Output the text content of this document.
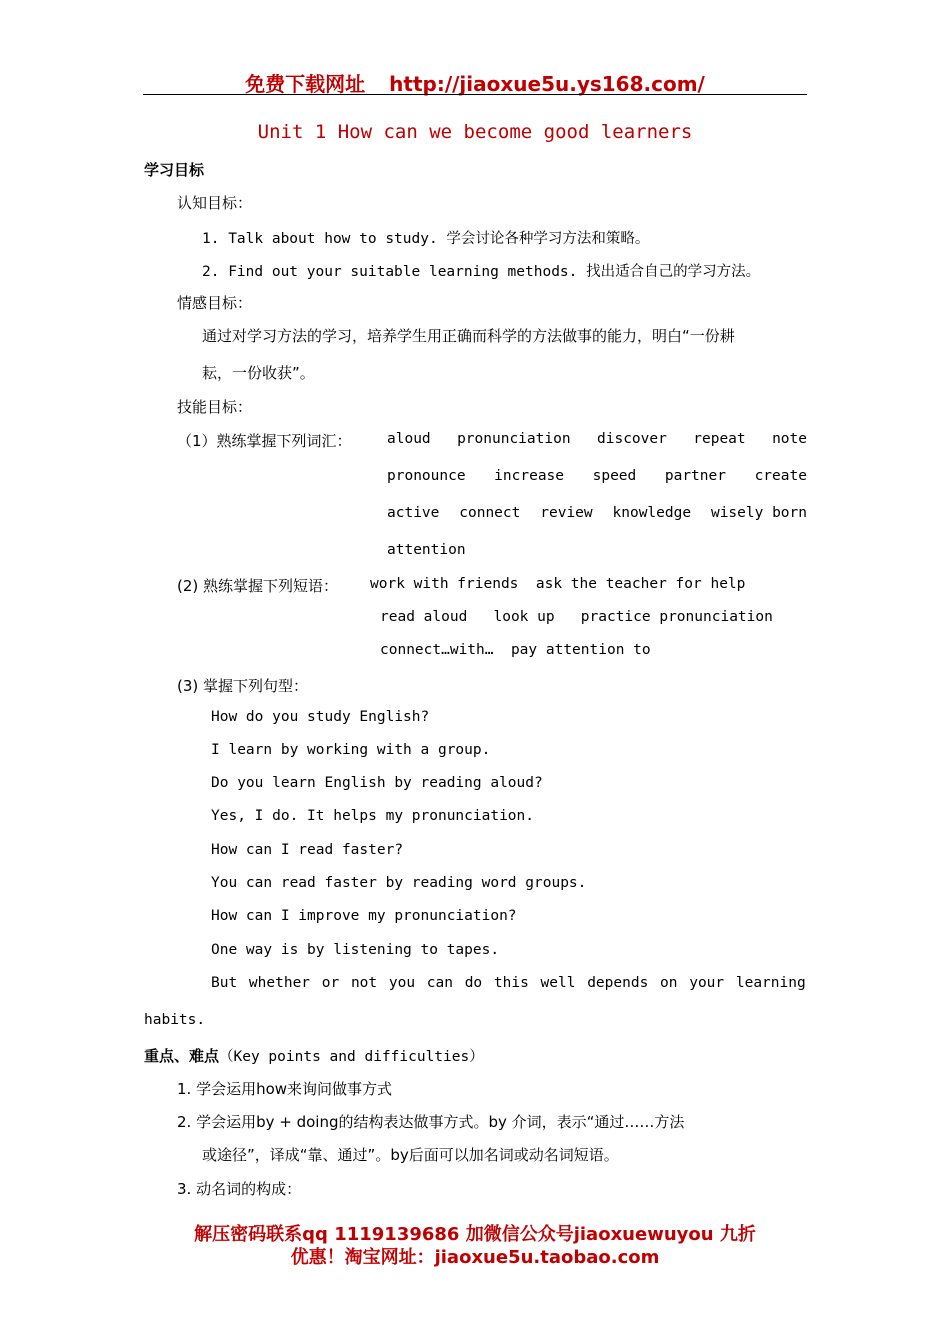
免费下载网址 http://jiaoxue5u.ys168.com/
Unit 1 How can we become good learners
学习目标
认知目标：
1. Talk about how to study. 学会讨论各种学习方法和策略。
2. Find out your suitable learning methods. 找出适合自己的学习方法。
情感目标：
通过对学习方法的学习，培养学生用正确而科学的方法做事的能力，明白“一份耕
耘，一份收获”。
技能目标：
（1）熟练掌握下列词汇： aloud pronunciation discover repeat note
pronounce increase speed partner create
active connect review knowledge wisely born
attention
(2) 熟练掌握下列短语： work with friends  ask the teacher for help
read aloud   look up   practice pronunciation
connect…with…  pay attention to
(3) 掌握下列句型：
How do you study English?
I learn by working with a group.
Do you learn English by reading aloud?
Yes, I do. It helps my pronunciation.
How can I read faster?
You can read faster by reading word groups.
How can I improve my pronunciation?
One way is by listening to tapes.
But whether or not you can do this well depends on your learning
habits.
重点、难点（Key points and difficulties）
1. 学会运用how来询问做事方式
2. 学会运用by + doing的结构表达做事方式。by 介词，表示“通过……方法
或途径”，译成“靠、通过”。by后面可以加名词或动名词短语。
3. 动名词的构成：
解压密码联系qq 1119139686 加微信公众号jiaoxuewuyou 九折
优惠！淘宝网址：jiaoxue5u.taobao.com
